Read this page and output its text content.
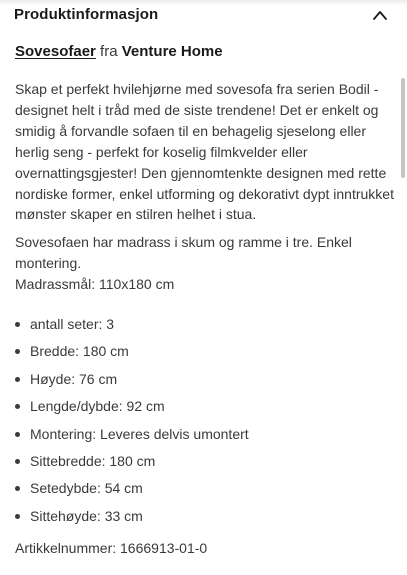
Produktinformasjon
Sovesofaer fra Venture Home

Skap et perfekt hvilehjørne med sovesofa fra serien Bodil -
designet helt i tråd med de siste trendene! Det er enkelt og
smidig å forvandle sofaen til en behagelig sjeselong eller
herlig seng - perfekt for koselig filmkvelder eller
overnattingsgjester! Den gjennomtenkte designen med rette
nordiske former, enkel utforming og dekorativt dypt inntrukket
mønster skaper en stilren helhet i stua.

Sovesofaen har madrass i skum og ramme i tre. Enkel
montering.
Madrassmål: 110x180 cm

antall seter: 3
Bredde: 180 cm
Høyde: 76 cm
Lengde/dybde: 92 cm
Montering: Leveres delvis umontert
Sittebredde: 180 cm
Setedybde: 54 cm
Sittehøyde: 33 cm
Artikkelnummer: 1666913-01-0
